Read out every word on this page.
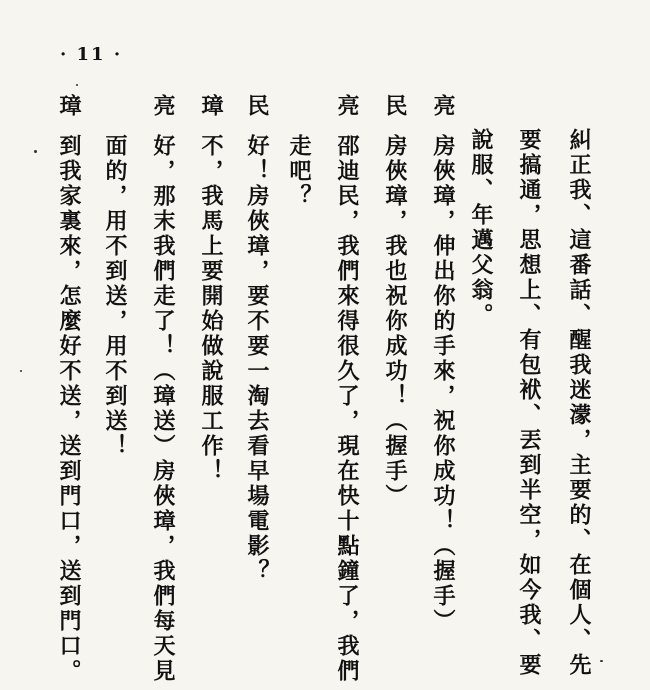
· 11 ·
糾正我、這番話、醒我迷濛，主要的、在個人、先
要搞通，思想上、有包袱、丟到半空，如今我、要
說服、年邁父翁。
亮
房俠璋，伸出你的手來，祝你成功！（握手）
民
房俠璋，我也祝你成功！（握手）
亮
邵迪民，我們來得很久了，現在快十點鐘了，我們
走吧？
民
好！房俠璋，要不要一淘去看早場電影？
璋
不，我馬上要開始做說服工作！
亮
好，那末我們走了！（璋送）房俠璋，我們每天見
面的，用不到送，用不到送！
璋
到我家裏來，怎麼好不送，送到門口，送到門口。
